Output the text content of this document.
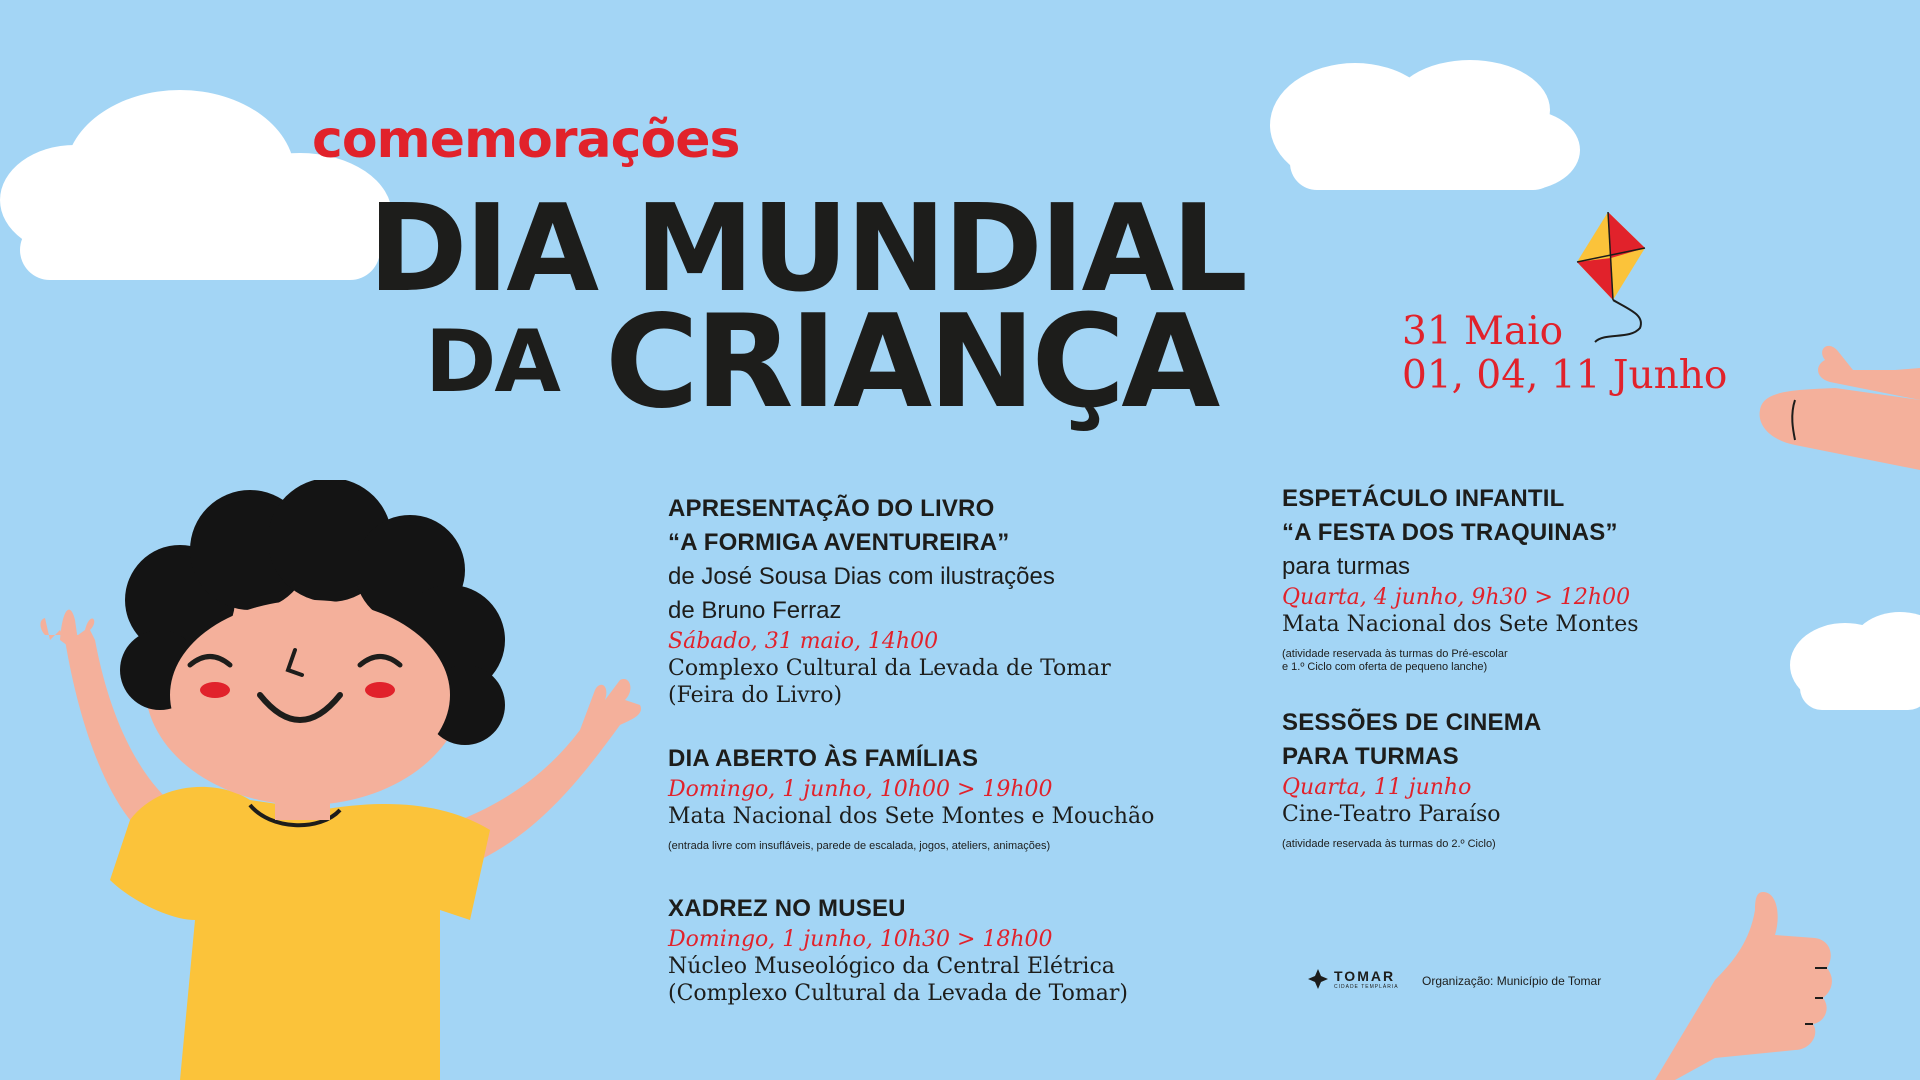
comemorações
DIA MUNDIAL
DA CRIANÇA	31 Maio
01, 04, 11 Junho
APRESENTAÇÃO DO LIVRO
“A FORMIGA AVENTUREIRA”
de José Sousa Dias com ilustrações
de Bruno Ferraz
Sábado, 31 maio, 14h00
Complexo Cultural da Levada de Tomar
(Feira do Livro)
DIA ABERTO ÀS FAMÍLIAS
Domingo, 1 junho, 10h00 > 19h00
Mata Nacional dos Sete Montes e Mouchão
(entrada livre com insufláveis, parede de escalada, jogos, ateliers, animações)
XADREZ NO MUSEU
Domingo, 1 junho, 10h30 > 18h00
Núcleo Museológico da Central Elétrica
(Complexo Cultural da Levada de Tomar)
ESPETÁCULO INFANTIL
“A FESTA DOS TRAQUINAS”
para turmas
Quarta, 4 junho, 9h30 > 12h00
Mata Nacional dos Sete Montes
(atividade reservada às turmas do Pré-escolar
e 1.º Ciclo com oferta de pequeno lanche)
SESSÕES DE CINEMA
PARA TURMAS
Quarta, 11 junho
Cine-Teatro Paraíso
(atividade reservada às turmas do 2.º Ciclo)
TOMAR
CIDADE TEMPLÁRIA Organização: Município de Tomar
